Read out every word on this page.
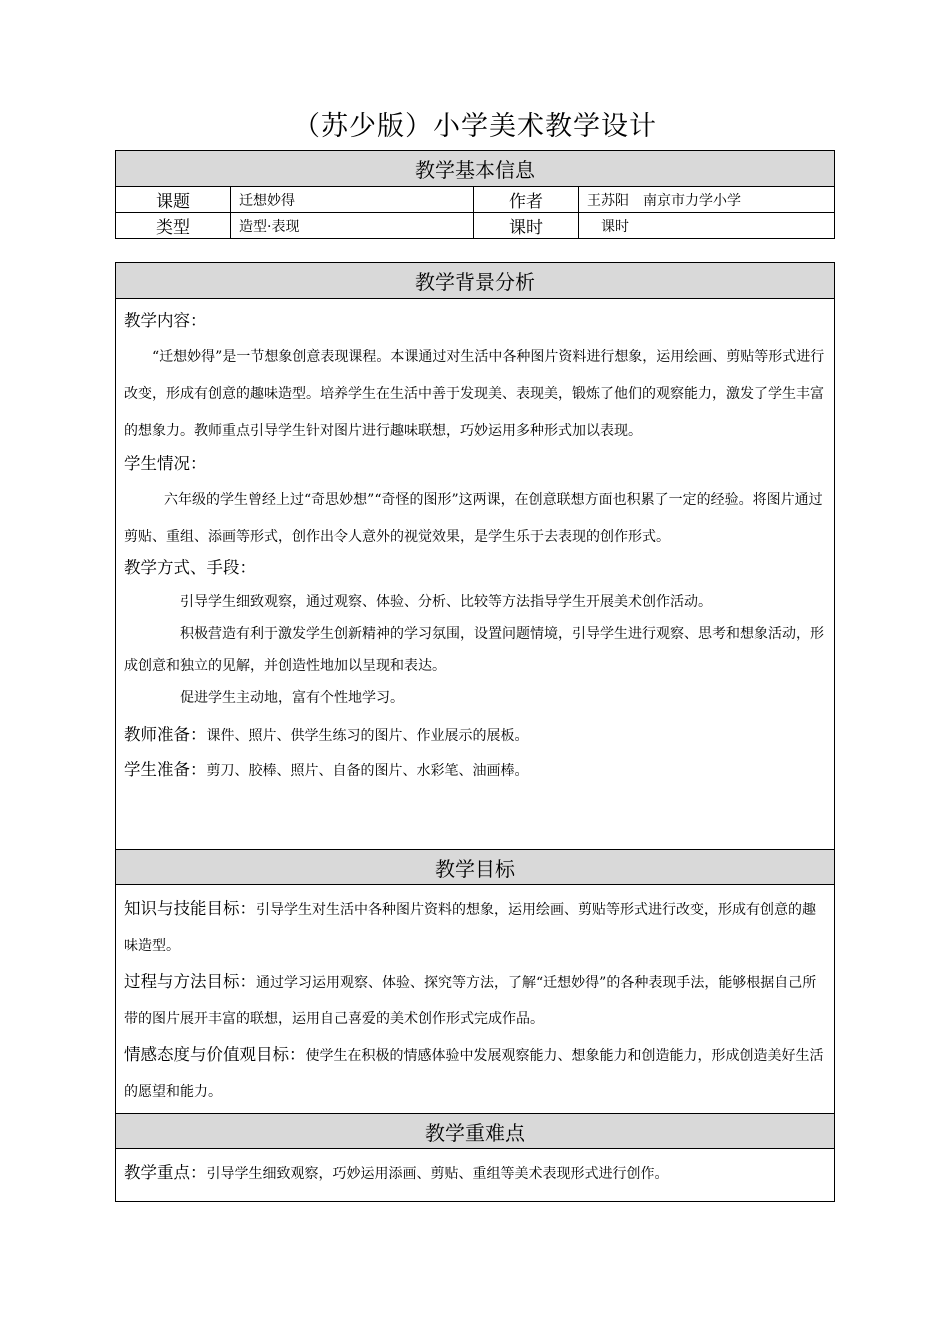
（苏少版）小学美术教学设计
教学基本信息			
课题	迁想妙得	作者	王苏阳　南京市力学小学
类型	造型·表现	课时	　课时
教学背景分析

教学内容：

“迁想妙得”是一节想象创意表现课程。本课通过对生活中各种图片资料进行想象，运用绘画、剪贴等形式进行改变，形成有创意的趣味造型。培养学生在生活中善于发现美、表现美，锻炼了他们的观察能力，激发了学生丰富的想象力。教师重点引导学生针对图片进行趣味联想，巧妙运用多种形式加以表现。

学生情况：

六年级的学生曾经上过“奇思妙想”“奇怪的图形”这两课，在创意联想方面也积累了一定的经验。将图片通过剪贴、重组、添画等形式，创作出令人意外的视觉效果，是学生乐于去表现的创作形式。

教学方式、手段：

引导学生细致观察，通过观察、体验、分析、比较等方法指导学生开展美术创作活动。

积极营造有利于激发学生创新精神的学习氛围，设置问题情境，引导学生进行观察、思考和想象活动，形成创意和独立的见解，并创造性地加以呈现和表达。

促进学生主动地，富有个性地学习。

教师准备：课件、照片、供学生练习的图片、作业展示的展板。

学生准备：剪刀、胶棒、照片、自备的图片、水彩笔、油画棒。

教学目标

知识与技能目标：引导学生对生活中各种图片资料的想象，运用绘画、剪贴等形式进行改变，形成有创意的趣味造型。

过程与方法目标：通过学习运用观察、体验、探究等方法，了解“迁想妙得”的各种表现手法，能够根据自己所带的图片展开丰富的联想，运用自己喜爱的美术创作形式完成作品。

情感态度与价值观目标：使学生在积极的情感体验中发展观察能力、想象能力和创造能力，形成创造美好生活的愿望和能力。

教学重难点

教学重点：引导学生细致观察，巧妙运用添画、剪贴、重组等美术表现形式进行创作。
